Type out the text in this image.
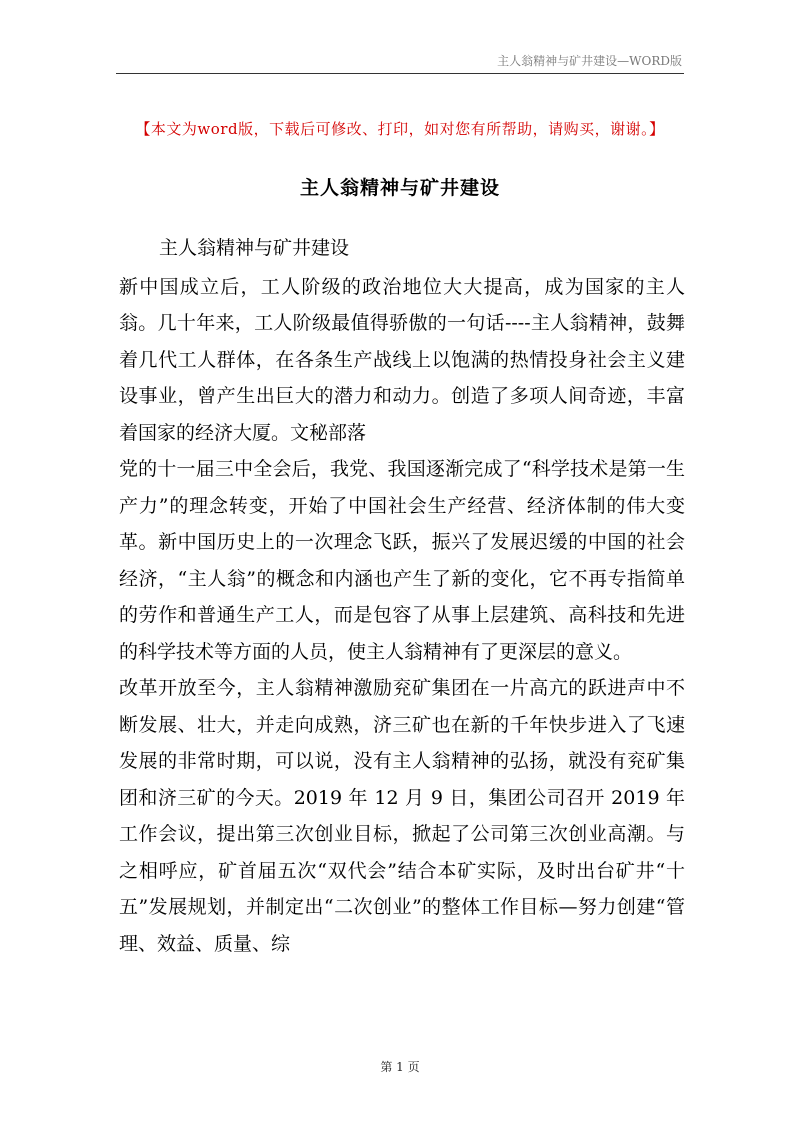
主人翁精神与矿井建设—WORD版
【本文为word版，下载后可修改、打印，如对您有所帮助，请购买，谢谢。】
主人翁精神与矿井建设

主人翁精神与矿井建设

新中国成立后，工人阶级的政治地位大大提高，成为国家的主人翁。几十年来，工人阶级最值得骄傲的一句话----主人翁精神，鼓舞着几代工人群体，在各条生产战线上以饱满的热情投身社会主义建设事业，曾产生出巨大的潜力和动力。创造了多项人间奇迹，丰富着国家的经济大厦。文秘部落

党的十一届三中全会后，我党、我国逐渐完成了“科学技术是第一生产力”的理念转变，开始了中国社会生产经营、经济体制的伟大变革。新中国历史上的一次理念飞跃，振兴了发展迟缓的中国的社会经济，“主人翁”的概念和内涵也产生了新的变化，它不再专指简单的劳作和普通生产工人，而是包容了从事上层建筑、高科技和先进的科学技术等方面的人员，使主人翁精神有了更深层的意义。

改革开放至今，主人翁精神激励兖矿集团在一片高亢的跃进声中不断发展、壮大，并走向成熟，济三矿也在新的千年快步进入了飞速发展的非常时期，可以说，没有主人翁精神的弘扬，就没有兖矿集团和济三矿的今天。2019 年 12 月 9 日，集团公司召开 2019 年工作会议，提出第三次创业目标，掀起了公司第三次创业高潮。与之相呼应，矿首届五次“双代会”结合本矿实际，及时出台矿井“十五”发展规划，并制定出“二次创业”的整体工作目标—努力创建“管理、效益、质量、综

第 1 页
